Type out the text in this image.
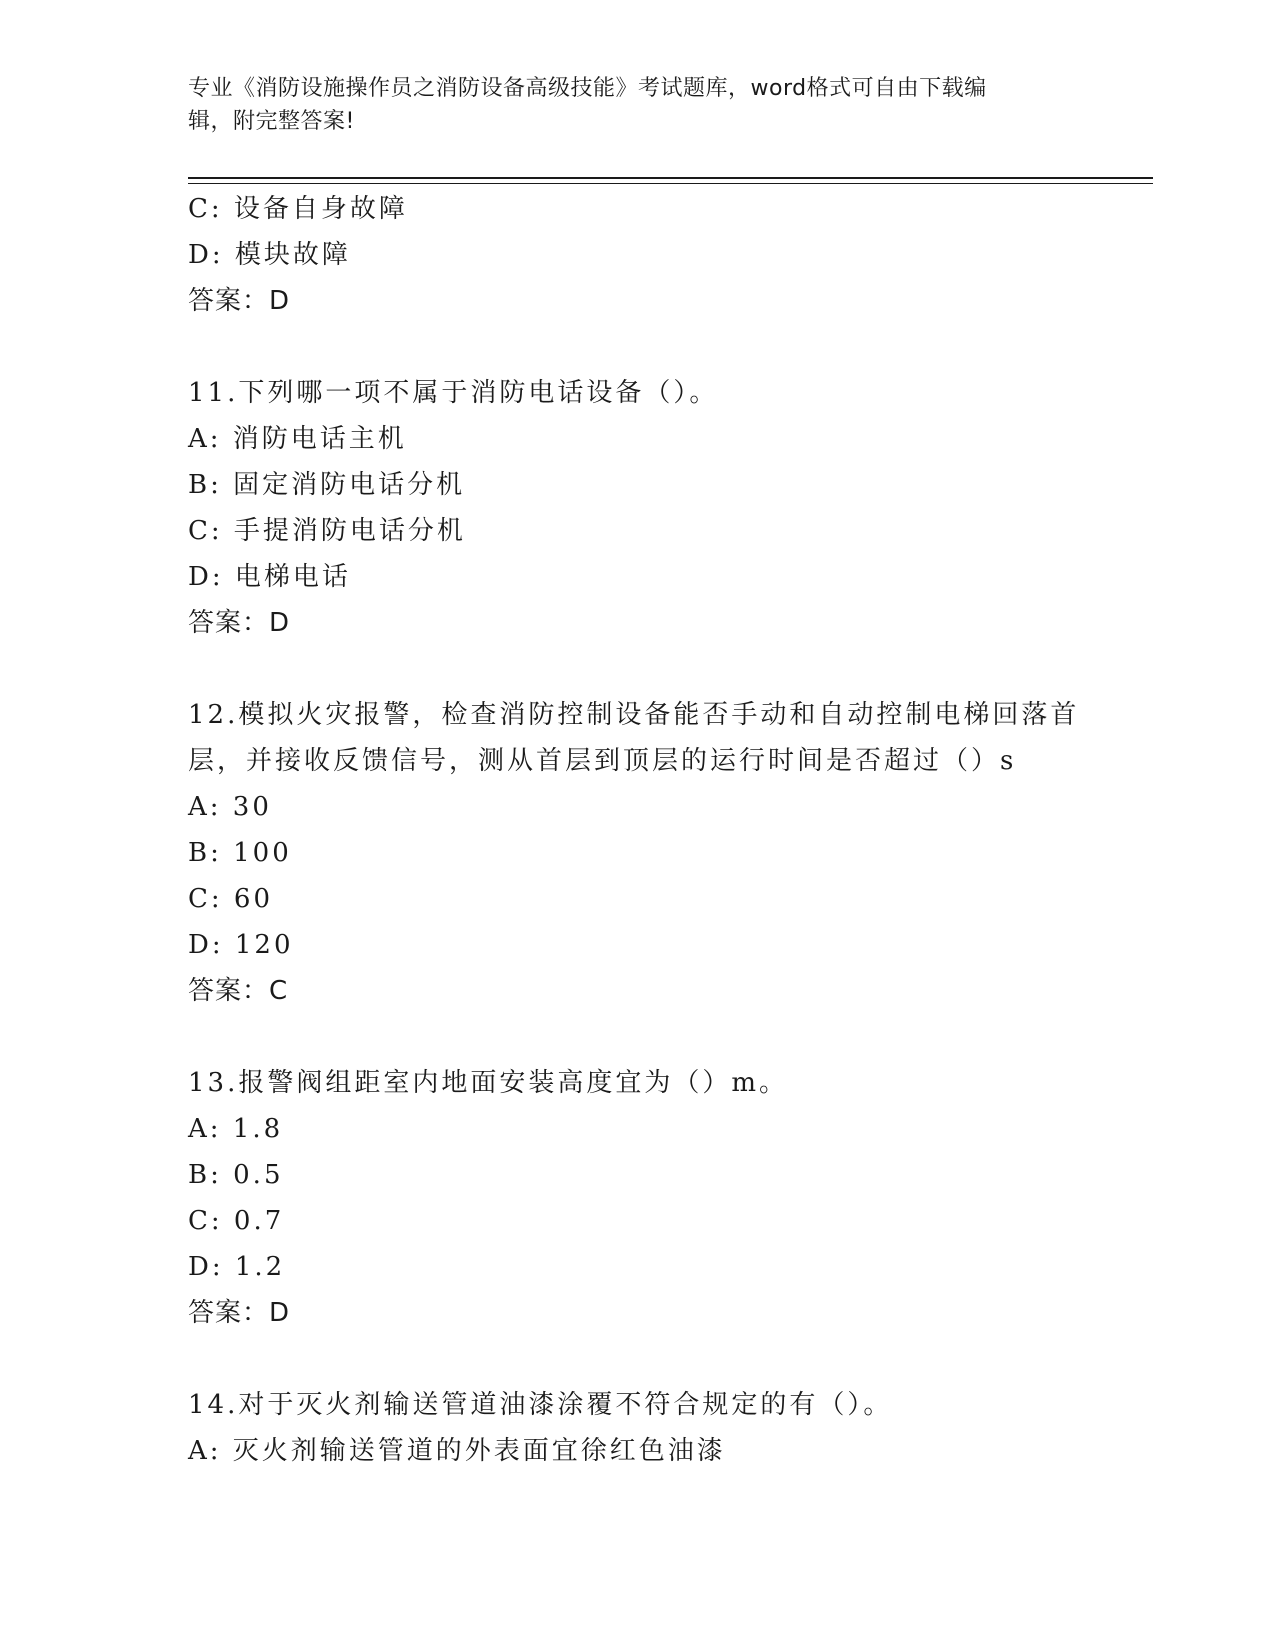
专业《消防设施操作员之消防设备高级技能》考试题库，word格式可自由下载编
辑，附完整答案!
C: 设备自身故障
D: 模块故障
答案：D
11.下列哪一项不属于消防电话设备（）。
A: 消防电话主机
B: 固定消防电话分机
C: 手提消防电话分机
D: 电梯电话
答案：D
12.模拟火灾报警，检查消防控制设备能否手动和自动控制电梯回落首
层，并接收反馈信号，测从首层到顶层的运行时间是否超过（）s
A: 30
B: 100
C: 60
D: 120
答案：C
13.报警阀组距室内地面安装高度宜为（）m。
A: 1.8
B: 0.5
C: 0.7
D: 1.2
答案：D
14.对于灭火剂输送管道油漆涂覆不符合规定的有（）。
A: 灭火剂输送管道的外表面宜徐红色油漆
